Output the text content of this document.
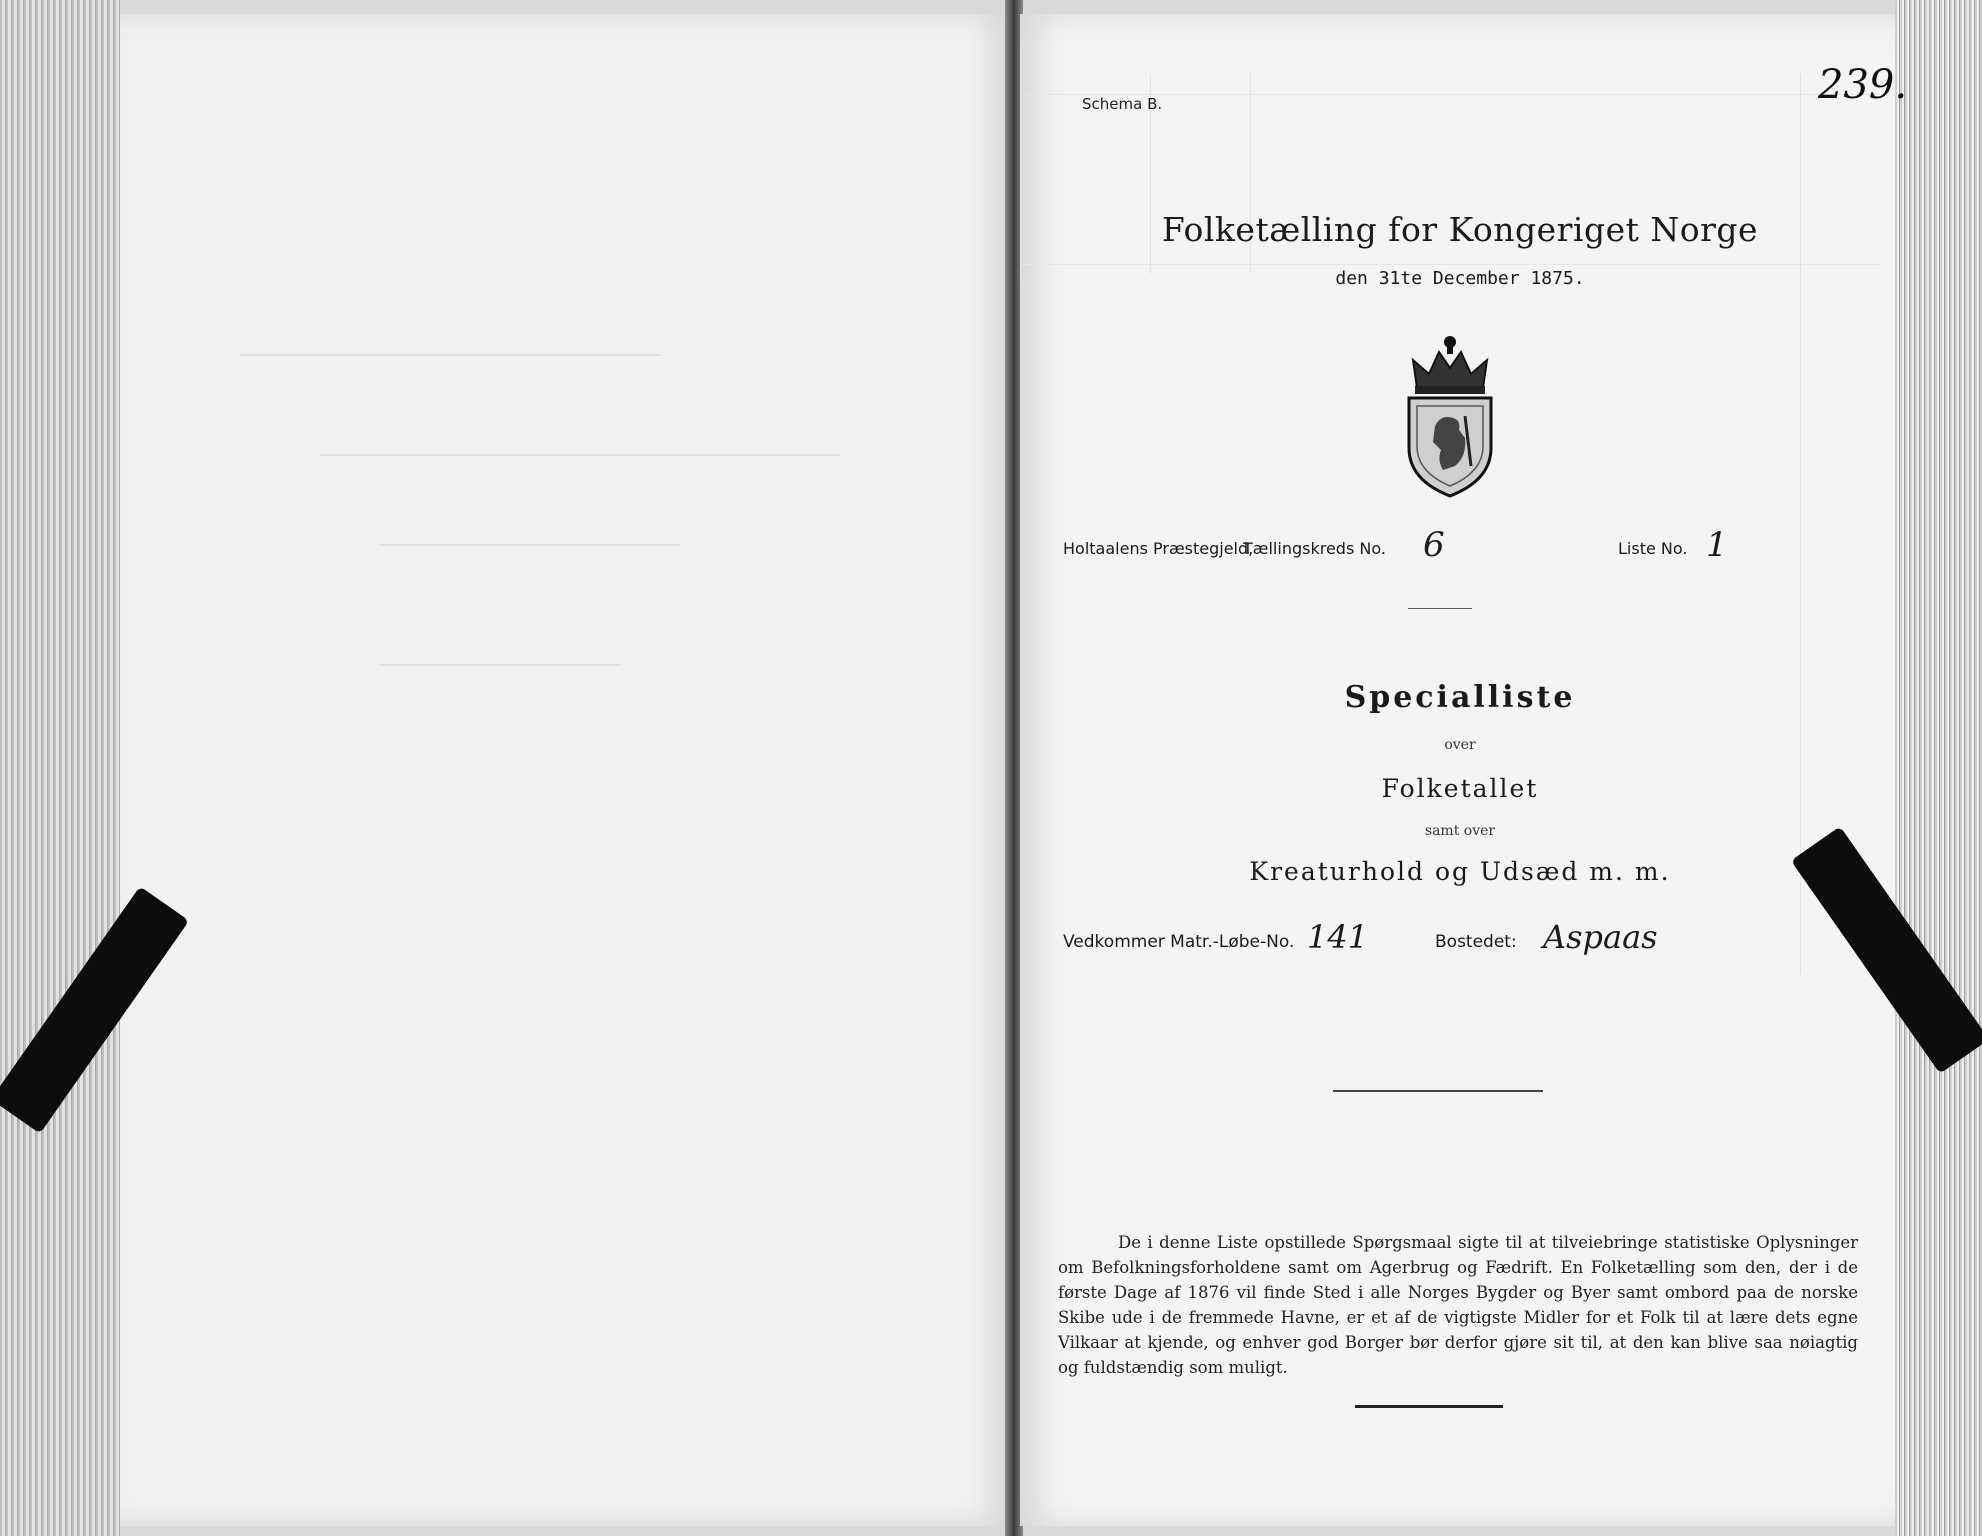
Schema B.	239.
Folketælling for Kongeriget Norge
den 31te December 1875.
Holtaalens Præstegjeld,
Tællingskreds No. 6	Liste No. 1
Specialliste
over
Folketallet
samt over
Kreaturhold og Udsæd m. m.
Vedkommer Matr.-Løbe-No. 141	Bostedet: Aspaas
De i denne Liste opstillede Spørgsmaal sigte til at tilveiebringe statistiske Oplysninger om Befolkningsforholdene samt om Agerbrug og Fædrift. En Folketælling som den, der i de første Dage af 1876 vil finde Sted i alle Norges Bygder og Byer samt ombord paa de norske Skibe ude i de fremmede Havne, er et af de vigtigste Midler for et Folk til at lære dets egne Vilkaar at kjende, og enhver god Borger bør derfor gjøre sit til, at den kan blive saa nøiagtig og fuldstændig som muligt.
